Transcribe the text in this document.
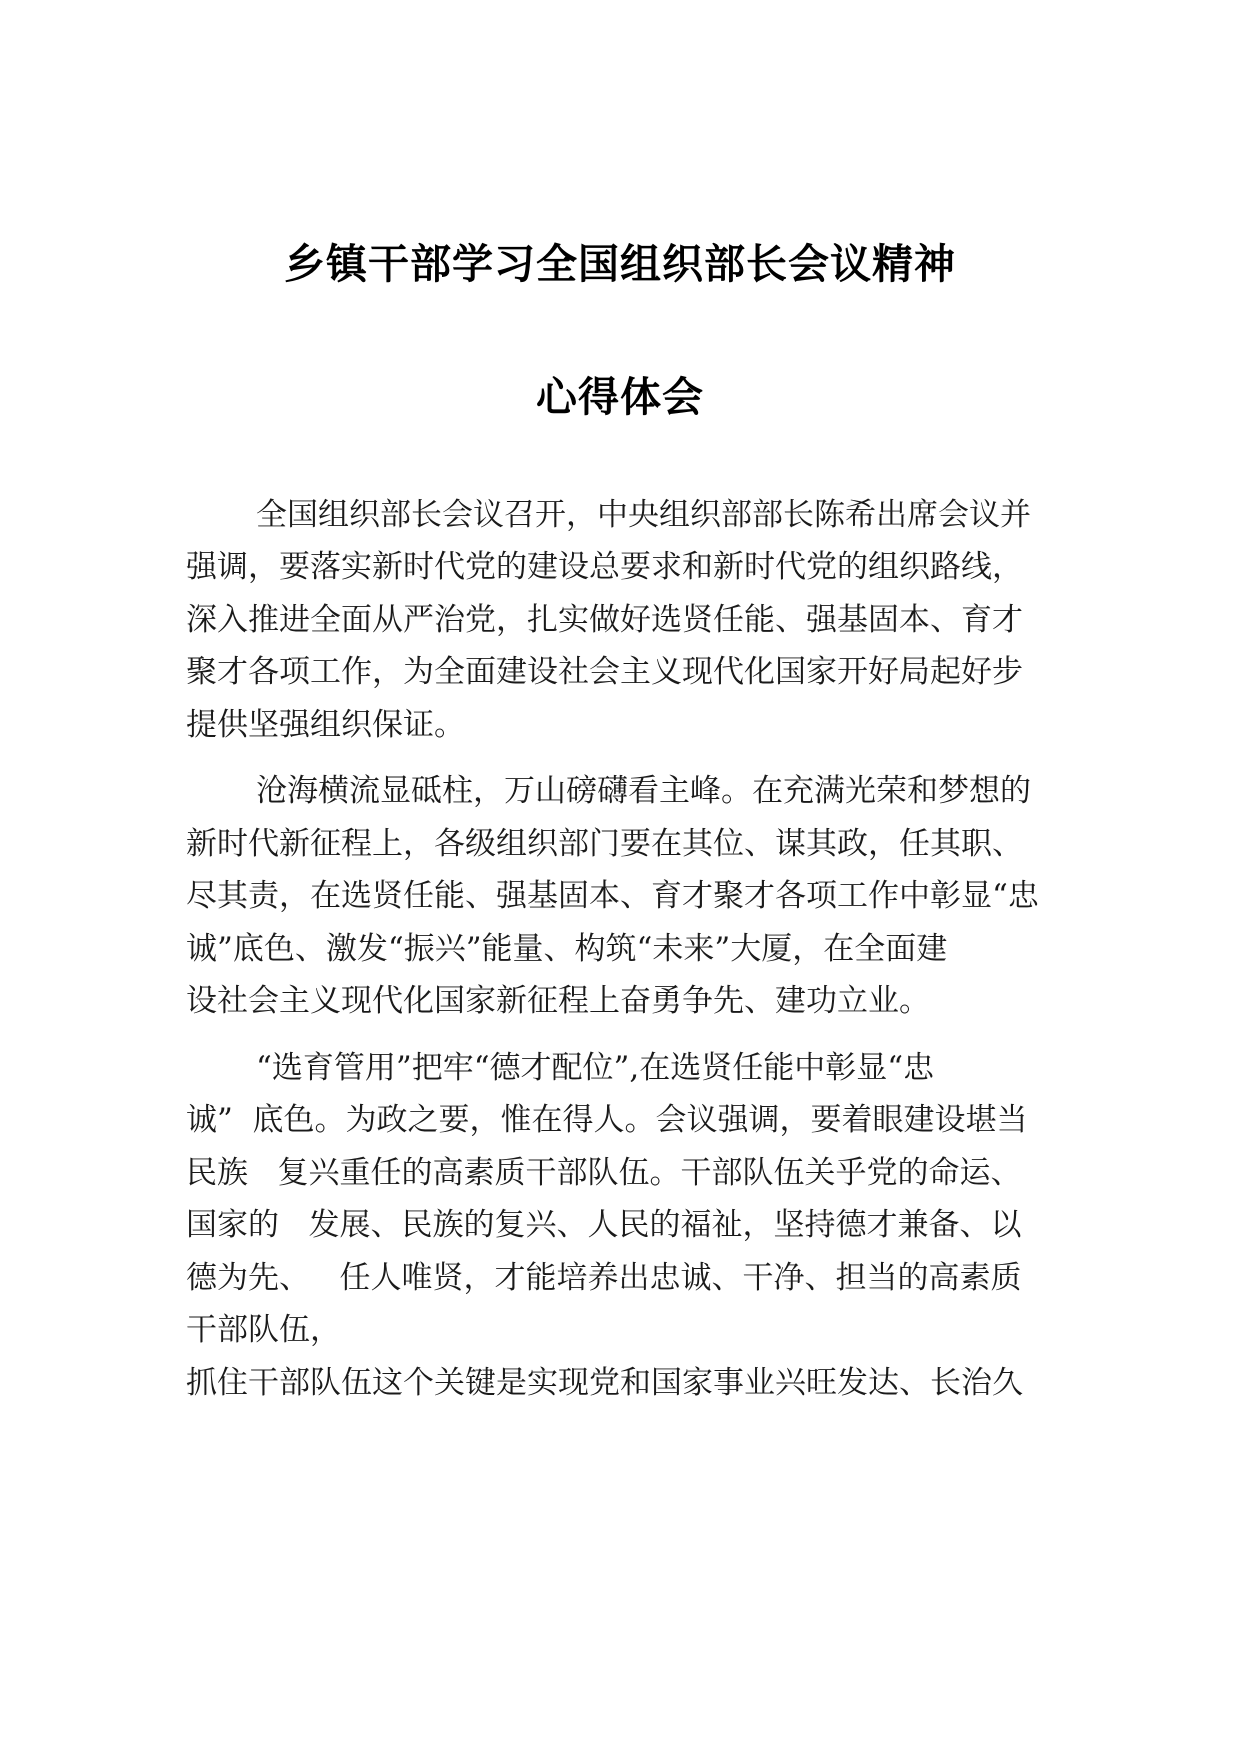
乡镇干部学习全国组织部长会议精神
心得体会
全国组织部长会议召开，中央组织部部长陈希出席会议并
强调，要落实新时代党的建设总要求和新时代党的组织路线，
深入推进全面从严治党，扎实做好选贤任能、强基固本、育才
聚才各项工作，为全面建设社会主义现代化国家开好局起好步
提供坚强组织保证。
沧海横流显砥柱，万山磅礴看主峰。在充满光荣和梦想的
新时代新征程上，各级组织部门要在其位、谋其政，任其职、
尽其责，在选贤任能、强基固本、育才聚才各项工作中彰显“忠
诚”底色、激发“振兴”能量、构筑“未来”大厦，在全面建
设社会主义现代化国家新征程上奋勇争先、建功立业。
“选育管用”把牢“德才配位”,在选贤任能中彰显“忠
诚”  底色。为政之要，惟在得人。会议强调，要着眼建设堪当
民族   复兴重任的高素质干部队伍。干部队伍关乎党的命运、
国家的   发展、民族的复兴、人民的福祉，坚持德才兼备、以
德为先、   任人唯贤，才能培养出忠诚、干净、担当的高素质
干部队伍，
抓住干部队伍这个关键是实现党和国家事业兴旺发达、长治久
